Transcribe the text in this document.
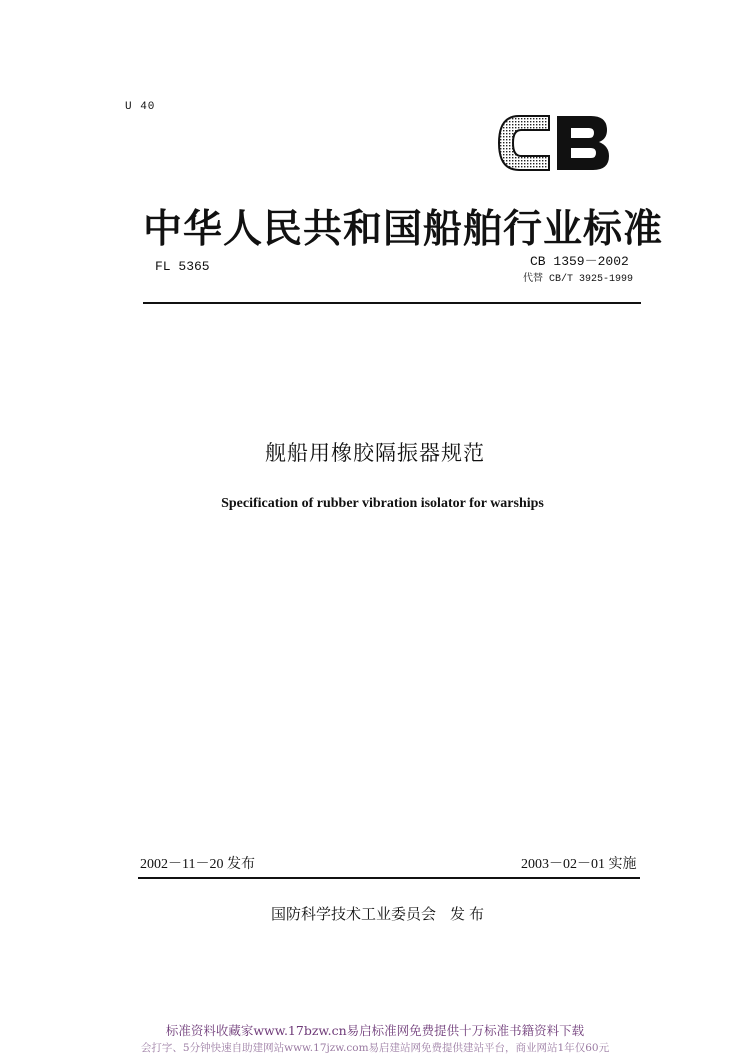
U 40
中华人民共和国船舶行业标准
FL 5365	CB 1359－2002
代替 CB/T 3925-1999
舰船用橡胶隔振器规范
Specification of rubber vibration isolator for warships
2002－11－20 发布	2003－02－01 实施
国防科学技术工业委员会 发布
标准资料收藏家www.17bzw.cn易启标准网免费提供十万标准书籍资料下载
会打字、5分钟快速自助建网站www.17jzw.com易启建站网免费提供建站平台，商业网站1年仅60元
